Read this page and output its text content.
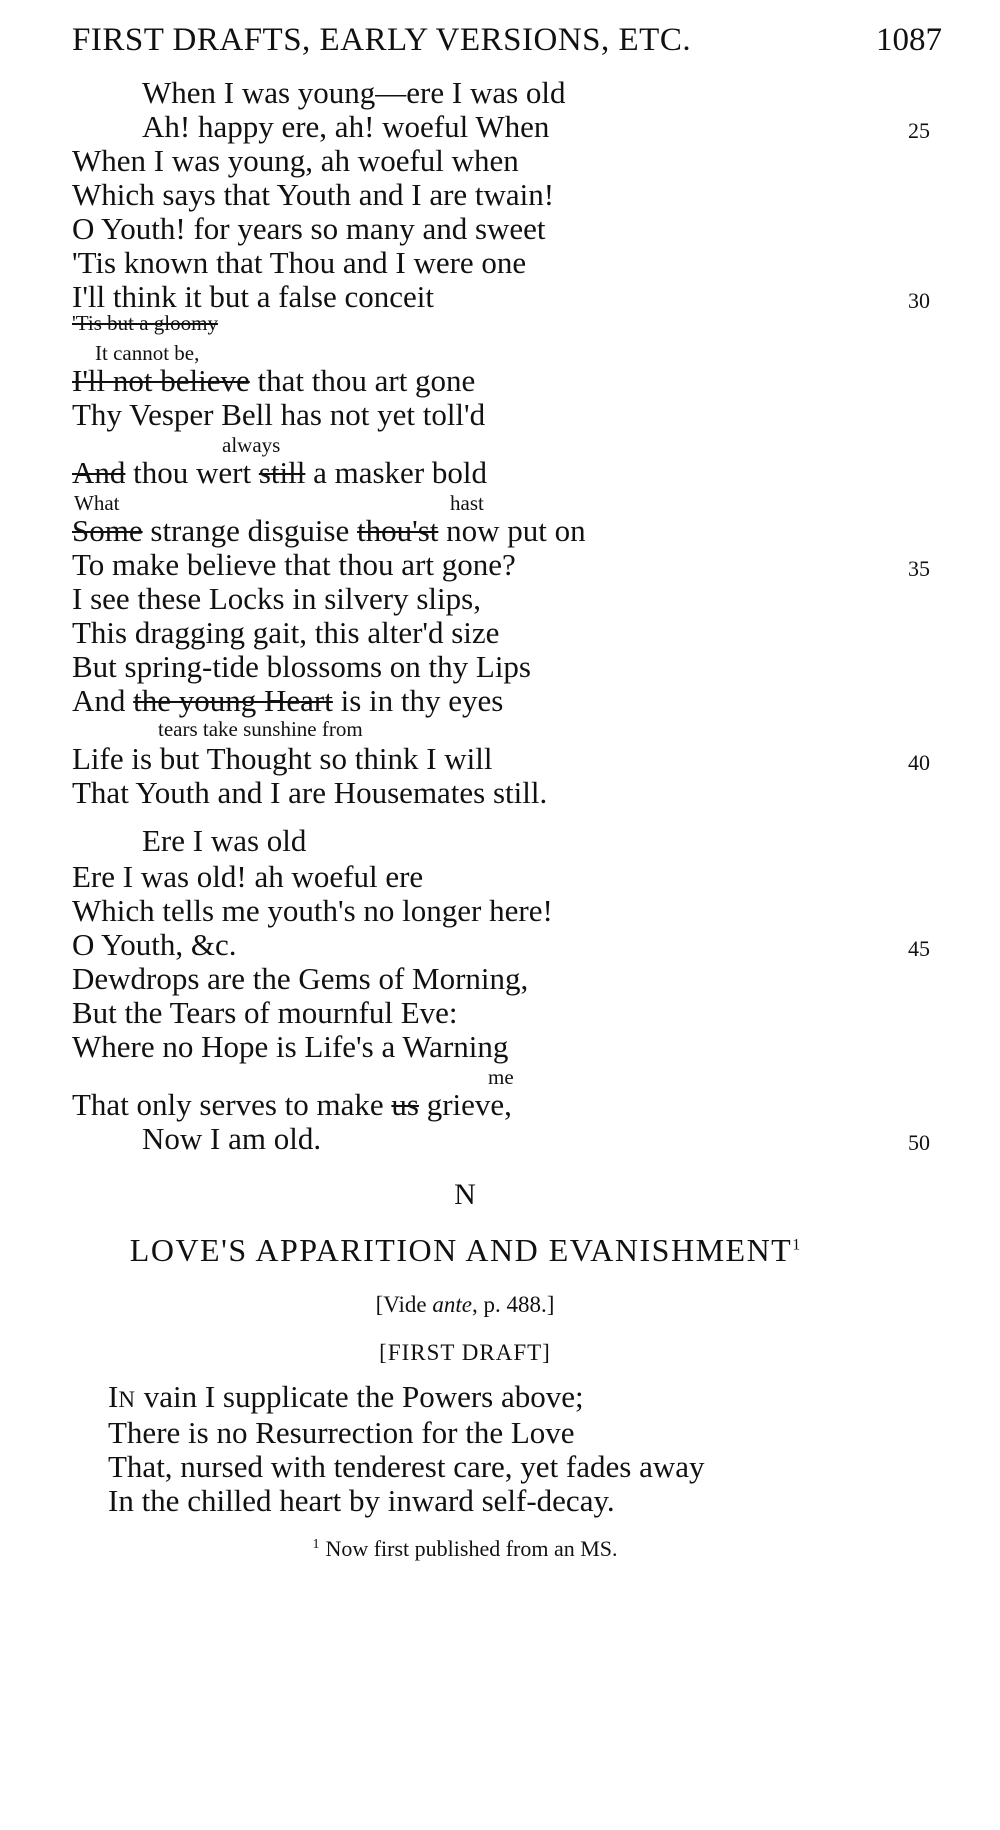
FIRST DRAFTS, EARLY VERSIONS, ETC.	1087
When I was young—ere I was old
Ah! happy ere, ah! woeful When	25
When I was young, ah woeful when
Which says that Youth and I are twain!
O Youth! for years so many and sweet
'Tis known that Thou and I were one
I'll think it but a false conceit	30
'Tis but a gloomy
It cannot be,
I'll not believe that thou art gone
Thy Vesper Bell has not yet toll'd
always
And thou wert still a masker bold
What	hast
Some strange disguise thou'st now put on
To make believe that thou art gone?	35
I see these Locks in silvery slips,
This dragging gait, this alter'd size
But spring-tide blossoms on thy Lips
And the young Heart is in thy eyes
tears take sunshine from
Life is but Thought so think I will	40
That Youth and I are Housemates still.
Ere I was old
Ere I was old! ah woeful ere
Which tells me youth's no longer here!
O Youth, &c.	45
Dewdrops are the Gems of Morning,
But the Tears of mournful Eve:
Where no Hope is Life's a Warning
me
That only serves to make us grieve,
Now I am old.	50
N
LOVE'S APPARITION AND EVANISHMENT$^1$
[Vide ante, p. 488.]
[FIRST DRAFT]
IN vain I supplicate the Powers above;
There is no Resurrection for the Love
That, nursed with tenderest care, yet fades away
In the chilled heart by inward self-decay.
$^1$ Now first published from an MS.
